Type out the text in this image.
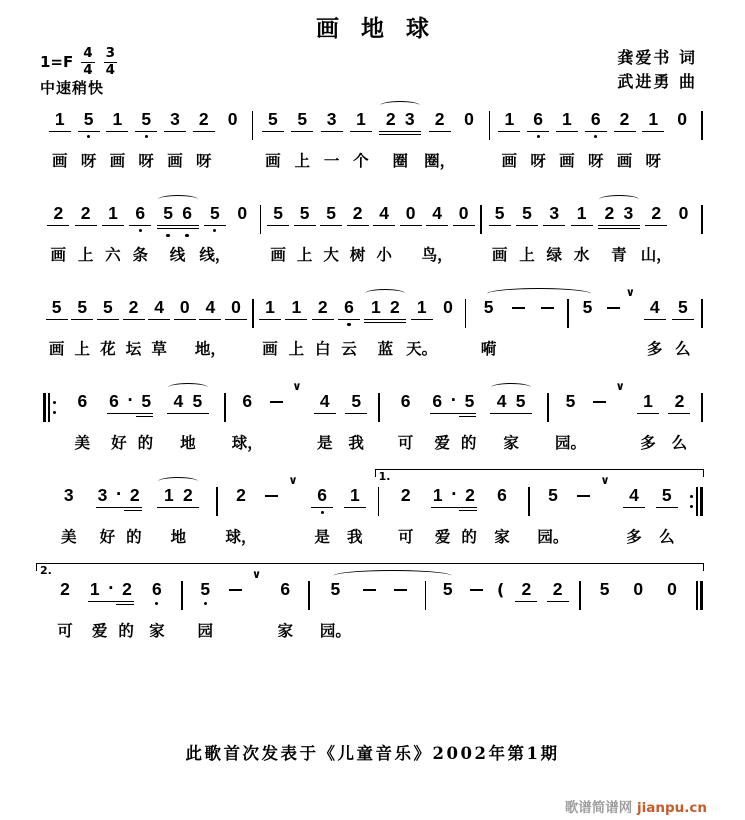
画 地 球
$1=F \frac{4}{4} \frac{3}{4}$
中速稍快
龚爱书 词
武进勇 曲
1
画
5
呀
1
画
5
呀
3
画
2
呀
0 5
画
5
上
3
一
1
个
2 3
圈
2
圈，
0 1
画
6
呀
1
画
6
呀
2
画
1
呀
0
2
画
2
上
1
六
6
条
5 6
线
5
线，
0 5
画
5
上
5
大
2
树
4
小
0 4
鸟，
0 5
画
5
上
3
绿
1
水
2 3
青
2
山，
0
5
画
5
上
5
花
2
坛
4
草
0 4
地，
0 1
画
1
上
2
白
6
云
1 2
蓝
1
天。
0 5
嗬
5
∨
4
多
5
么
6
美
6 · 5
好 的
4 5
地
6
球，
∨
4
是
5
我
6
可
6 · 5
爱 的
4 5
家
5
园。
∨
1
多
2
么
3
美
3 · 2
好 的
1 2
地
2
球，
∨
6
是
1
我
2
可
1 · 2
爱 的
6
家
5
园。
∨
4
多
5
么
1.
2
可
1 · 2
爱 的
6
家
5
园
∨
6
家
5
园。
5	( 2 2 5 0 0
2.
此歌首次发表于《儿童音乐》2002年第1期
歌谱简谱网 jianpu.cn
